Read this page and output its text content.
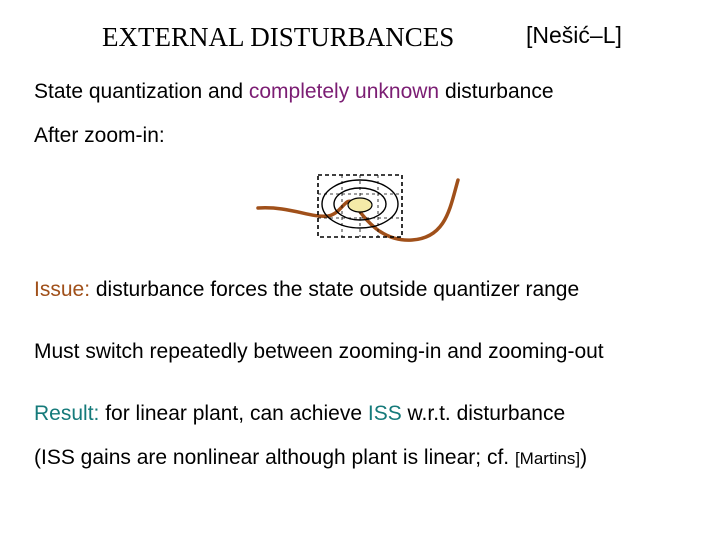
EXTERNAL DISTURBANCES	[Nešić–L]
State quantization and completely unknown disturbance
After zoom-in:
Issue: disturbance forces the state outside quantizer range
Must switch repeatedly between zooming-in and zooming-out
Result: for linear plant, can achieve ISS w.r.t. disturbance
(ISS gains are nonlinear although plant is linear; cf. [Martins])
